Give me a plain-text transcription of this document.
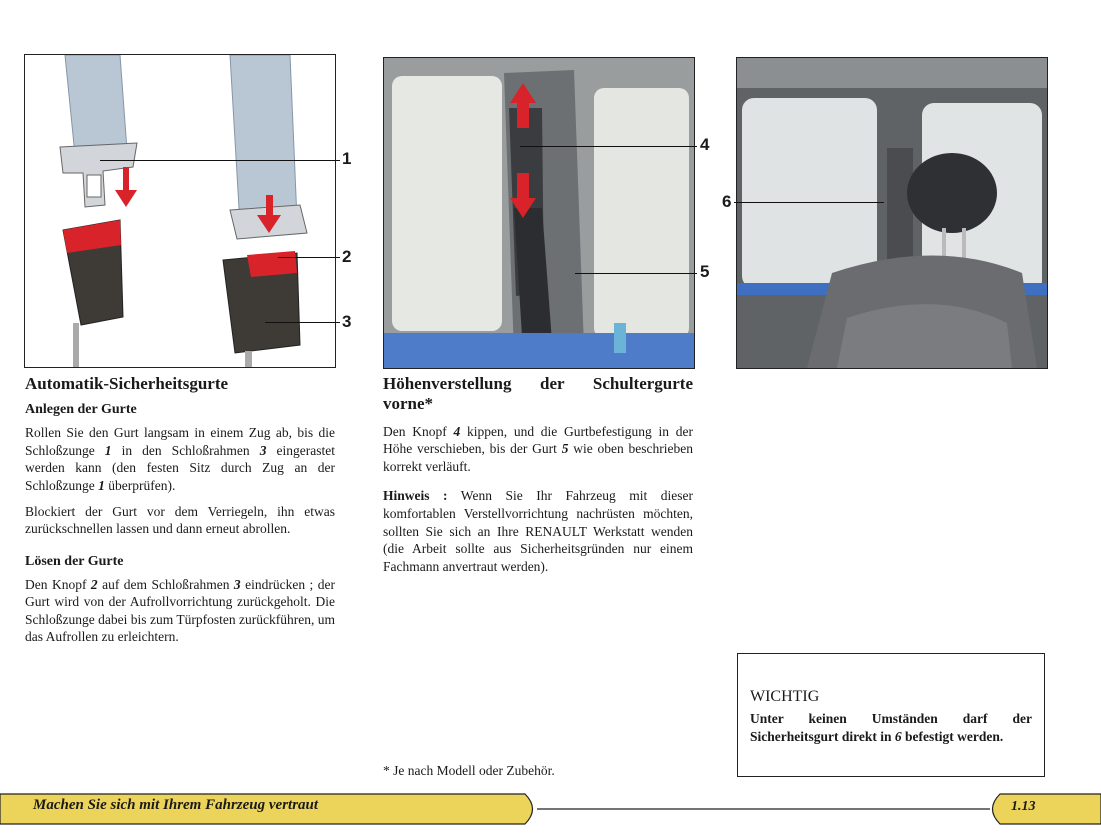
1
2
3
4
5
6
Automatik-Sicherheitsgurte
Anlegen der Gurte

Rollen Sie den Gurt langsam in einem Zug ab, bis die Schloßzunge 1 in den Schloßrahmen 3 eingerastet werden kann (den festen Sitz durch Zug an der Schloßzunge 1 überprüfen).

Blockiert der Gurt vor dem Verriegeln, ihn etwas zurückschnellen lassen und dann erneut abrollen.

Lösen der Gurte

Den Knopf 2 auf dem Schloßrahmen 3 eindrücken ; der Gurt wird von der Aufrollvorrichtung zurückgeholt. Die Schloßzunge dabei bis zum Türpfosten zurückführen, um das Aufrollen zu erleichtern.

Höhenverstellung der Schultergurte vorne*

Den Knopf 4 kippen, und die Gurtbefestigung in der Höhe verschieben, bis der Gurt 5 wie oben beschrieben korrekt verläuft.

Hinweis : Wenn Sie Ihr Fahrzeug mit dieser komfortablen Verstellvorrichtung nachrüsten möchten, sollten Sie sich an Ihre RENAULT Werkstatt wenden (die Arbeit sollte aus Sicherheitsgründen nur einem Fachmann anvertraut werden).

* Je nach Modell oder Zubehör.

WICHTIG

Unter keinen Umständen darf der Sicherheitsgurt direkt in 6 befestigt werden.

Machen Sie sich mit Ihrem Fahrzeug vertraut	1.13
